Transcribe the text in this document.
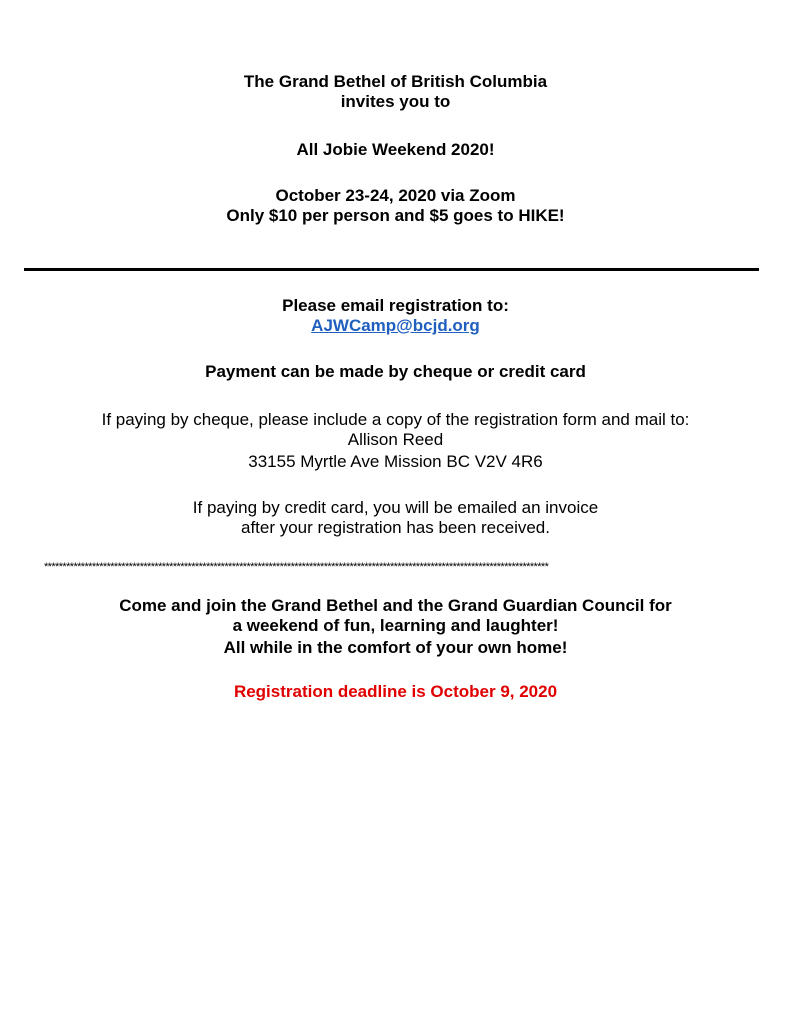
The Grand Bethel of British Columbia
invites you to
All Jobie Weekend 2020!
October 23-24, 2020 via Zoom
Only $10 per person and $5 goes to HIKE!
Please email registration to:
AJWCamp@bcjd.org
Payment can be made by cheque or credit card
If paying by cheque, please include a copy of the registration form and mail to:
Allison Reed
33155 Myrtle Ave Mission BC V2V 4R6
If paying by credit card, you will be emailed an invoice
after your registration has been received.
*****************************************************************************************************************************************
Come and join the Grand Bethel and the Grand Guardian Council for
a weekend of fun, learning and laughter!
All while in the comfort of your own home!
Registration deadline is October 9, 2020
